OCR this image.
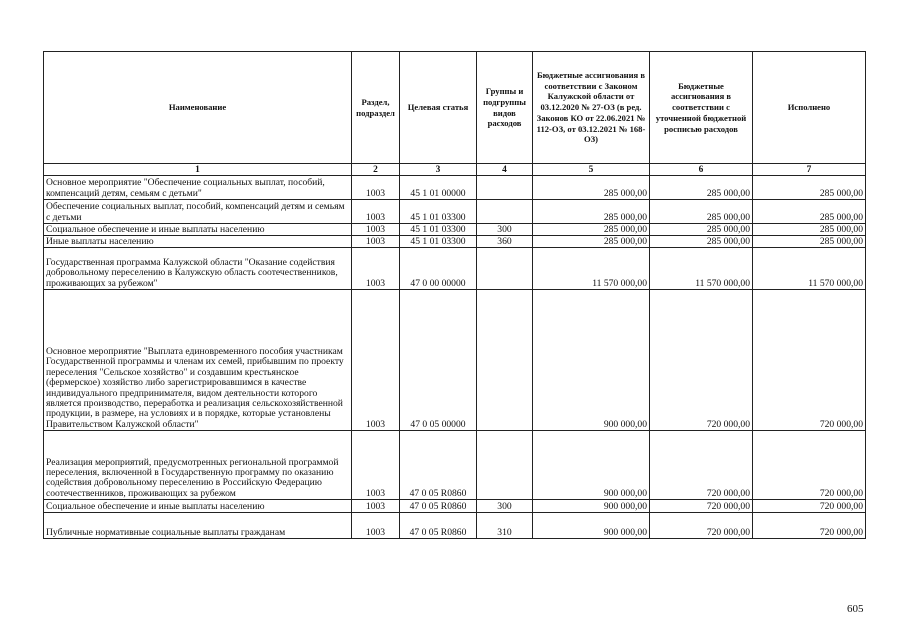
Наименование	Раздел, подраздел	Целевая статья	Группы и подгруппы видов расходов	Бюджетные ассигнования в соответствии с Законом Калужской области от 03.12.2020 № 27-ОЗ (в ред. Законов КО от 22.06.2021 № 112-ОЗ, от 03.12.2021 № 168-ОЗ)	Бюджетные ассигнования в соответствии с уточненной бюджетной росписью расходов	Исполнено
1	2	3	4	5	6	7
Основное мероприятие "Обеспечение социальных выплат, пособий, компенсаций детям, семьям с детьми"	1003	45 1 01 00000		285 000,00	285 000,00	285 000,00
Обеспечение социальных выплат, пособий, компенсаций детям и семьям с детьми	1003	45 1 01 03300		285 000,00	285 000,00	285 000,00
Социальное обеспечение и иные выплаты населению	1003	45 1 01 03300	300	285 000,00	285 000,00	285 000,00
Иные выплаты населению	1003	45 1 01 03300	360	285 000,00	285 000,00	285 000,00
Государственная программа Калужской области "Оказание содействия добровольному переселению в Калужскую область соотечественников, проживающих за рубежом"	1003	47 0 00 00000		11 570 000,00	11 570 000,00	11 570 000,00
Основное мероприятие "Выплата единовременного пособия участникам Государственной программы и членам их семей, прибывшим по проекту переселения "Сельское хозяйство" и создавшим крестьянское (фермерское) хозяйство либо зарегистрировавшимся в качестве индивидуального предпринимателя, видом деятельности которого является производство, переработка и реализация сельскохозяйственной продукции, в размере, на условиях и в порядке, которые установлены Правительством Калужской области"	1003	47 0 05 00000		900 000,00	720 000,00	720 000,00
Реализация мероприятий, предусмотренных региональной программой переселения, включенной в Государственную программу по оказанию содействия добровольному переселению в Российскую Федерацию соотечественников, проживающих за рубежом	1003	47 0 05 R0860		900 000,00	720 000,00	720 000,00
Социальное обеспечение и иные выплаты населению	1003	47 0 05 R0860	300	900 000,00	720 000,00	720 000,00
Публичные нормативные социальные выплаты гражданам	1003	47 0 05 R0860	310	900 000,00	720 000,00	720 000,00
605
